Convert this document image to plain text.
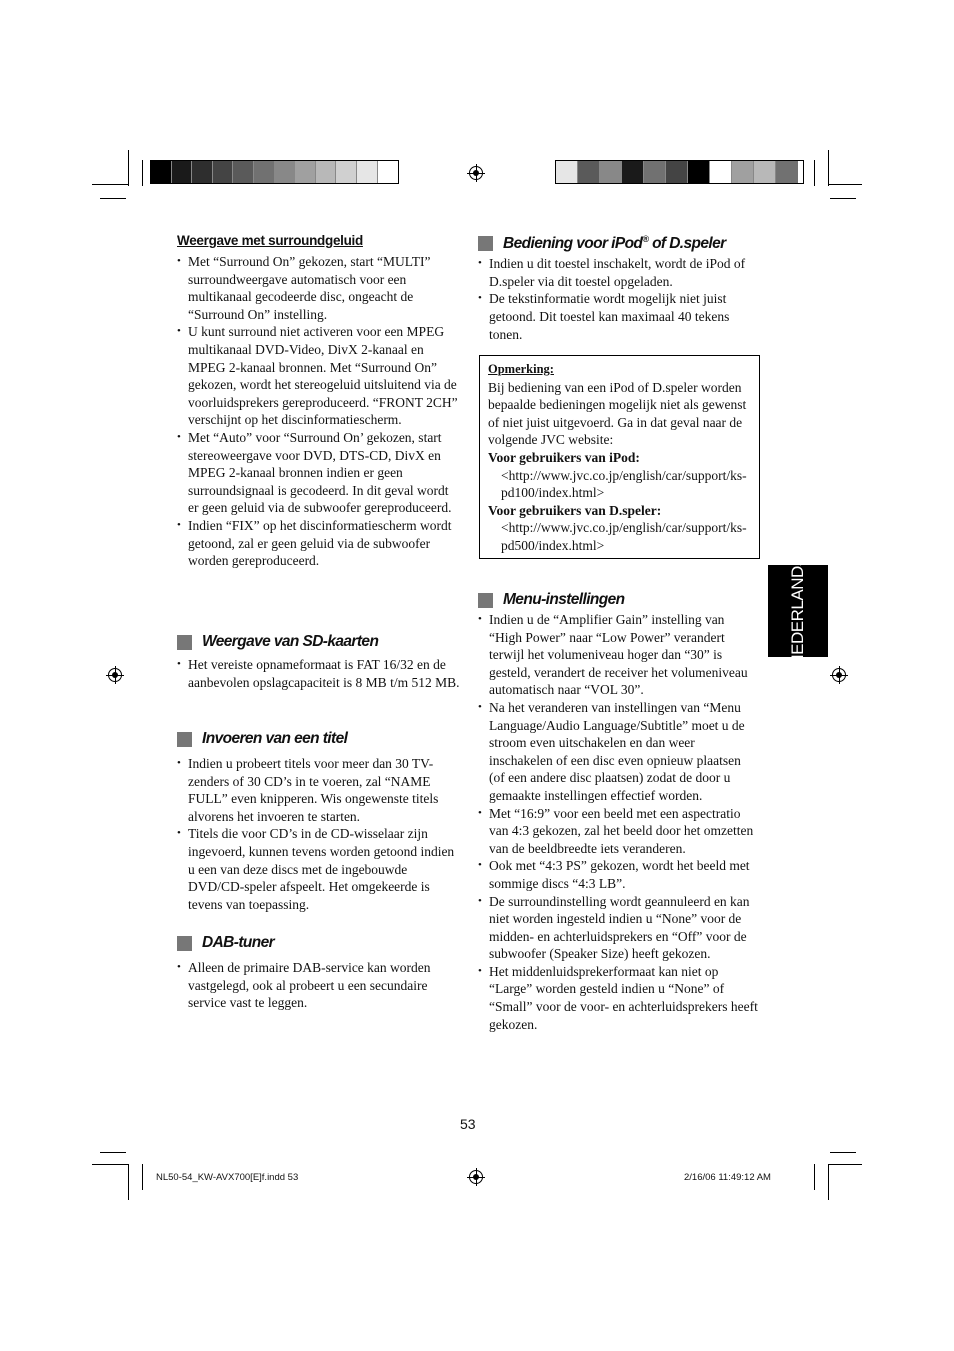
Weergave met surroundgeluid
• Met “Surround On” gekozen, start “MULTI” surroundweergave automatisch voor een multikanaal gecodeerde disc, ongeacht de “Surround On” instelling.
• U kunt surround niet activeren voor een MPEG multikanaal DVD-Video, DivX 2-kanaal en MPEG 2-kanaal bronnen. Met “Surround On” gekozen, wordt het stereogeluid uitsluitend via de voorluidsprekers gereproduceerd. “FRONT 2CH” verschijnt op het discinformatiescherm.
• Met “Auto” voor “Surround On’ gekozen, start stereoweergave voor DVD, DTS-CD, DivX en MPEG 2-kanaal bronnen indien er geen surroundsignaal is gecodeerd. In dit geval wordt er geen geluid via de subwoofer gereproduceerd.
• Indien “FIX” op het discinformatiescherm wordt getoond, zal er geen geluid via de subwoofer worden gereproduceerd.
Weergave van SD-kaarten
• Het vereiste opnameformaat is FAT 16/32 en de aanbevolen opslagcapaciteit is 8 MB t/m 512 MB.
Invoeren van een titel
• Indien u probeert titels voor meer dan 30 TV-zenders of 30 CD’s in te voeren, zal “NAME FULL” even knipperen. Wis ongewenste titels alvorens het invoeren te starten.
• Titels die voor CD’s in de CD-wisselaar zijn ingevoerd, kunnen tevens worden getoond indien u een van deze discs met de ingebouwde DVD/CD-speler afspeelt. Het omgekeerde is tevens van toepassing.
DAB-tuner
• Alleen de primaire DAB-service kan worden vastgelegd, ook al probeert u een secundaire service vast te leggen.
Bediening voor iPod® of D.speler
• Indien u dit toestel inschakelt, wordt de iPod of D.speler via dit toestel opgeladen.
• De tekstinformatie wordt mogelijk niet juist getoond. Dit toestel kan maximaal 40 tekens tonen.
Opmerking:
Bij bediening van een iPod of D.speler worden bepaalde bedieningen mogelijk niet als gewenst of niet juist uitgevoerd. Ga in dat geval naar de volgende JVC website:
Voor gebruikers van iPod: <http://www.jvc.co.jp/english/car/support/ks-pd100/index.html>
Voor gebruikers van D.speler: <http://www.jvc.co.jp/english/car/support/ks-pd500/index.html>
Menu-instellingen
• Indien u de “Amplifier Gain” instelling van “High Power” naar “Low Power” verandert terwijl het volumeniveau hoger dan “30” is gesteld, verandert de receiver het volumeniveau automatisch naar “VOL 30”.
• Na het veranderen van instellingen van “Menu Language/Audio Language/Subtitle” moet u de stroom even uitschakelen en dan weer inschakelen of een disc even opnieuw plaatsen (of een andere disc plaatsen) zodat de door u gemaakte instellingen effectief worden.
• Met “16:9” voor een beeld met een aspectratio van 4:3 gekozen, zal het beeld door het omzetten van de beeldbreedte iets veranderen.
• Ook met “4:3 PS” gekozen, wordt het beeld met sommige discs “4:3 LB”.
• De surroundinstelling wordt geannuleerd en kan niet worden ingesteld indien u “None” voor de midden- en achterluidsprekers en “Off” voor de subwoofer (Speaker Size) heeft gekozen.
• Het middenluidsprekerformaat kan niet op “Large” worden gesteld indien u “None” of “Small” voor de voor- en achterluidsprekers heeft gekozen.
NEDERLANDS
53
NL50-54_KW-AVX700[E]f.indd 53	2/16/06 11:49:12 AM
